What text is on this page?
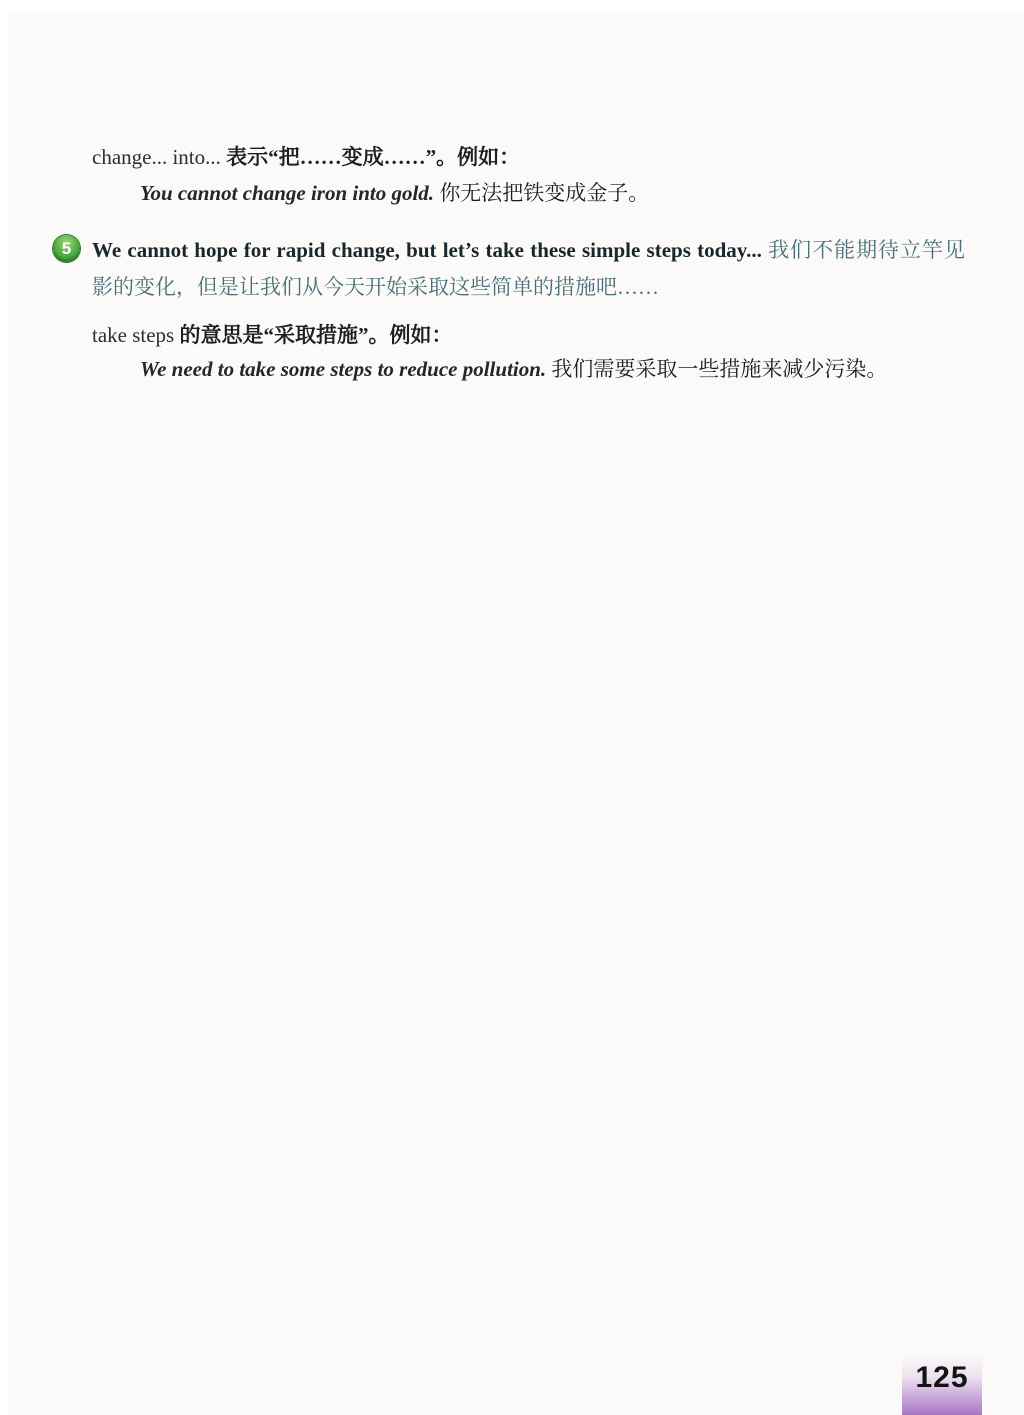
change... into... 表示“把……变成……”。例如：

You cannot change iron into gold. 你无法把铁变成金子。

5 We cannot hope for rapid change, but let’s take these simple steps today... 我们不能期待立竿见影的变化，但是让我们从今天开始采取这些简单的措施吧……

take steps 的意思是“采取措施”。例如：

We need to take some steps to reduce pollution. 我们需要采取一些措施来减少污染。

125
